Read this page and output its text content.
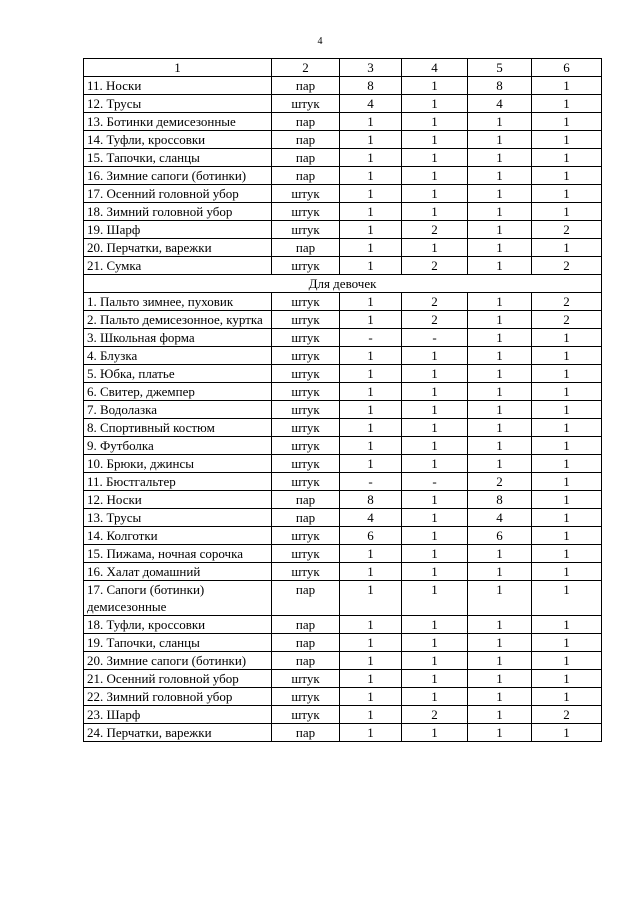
4
1	2	3	4	5	6
11. Носки	пар	8	1	8	1
12. Трусы	штук	4	1	4	1
13. Ботинки демисезонные	пар	1	1	1	1
14. Туфли, кроссовки	пар	1	1	1	1
15. Тапочки, сланцы	пар	1	1	1	1
16. Зимние сапоги (ботинки)	пар	1	1	1	1
17. Осенний головной убор	штук	1	1	1	1
18. Зимний головной убор	штук	1	1	1	1
19. Шарф	штук	1	2	1	2
20. Перчатки, варежки	пар	1	1	1	1
21. Сумка	штук	1	2	1	2
Для девочек					
1. Пальто зимнее, пуховик	штук	1	2	1	2
2. Пальто демисезонное, куртка	штук	1	2	1	2
3. Школьная форма	штук	-	-	1	1
4. Блузка	штук	1	1	1	1
5. Юбка, платье	штук	1	1	1	1
6. Свитер, джемпер	штук	1	1	1	1
7. Водолазка	штук	1	1	1	1
8. Спортивный костюм	штук	1	1	1	1
9. Футболка	штук	1	1	1	1
10. Брюки, джинсы	штук	1	1	1	1
11. Бюстгальтер	штук	-	-	2	1
12. Носки	пар	8	1	8	1
13. Трусы	пар	4	1	4	1
14. Колготки	штук	6	1	6	1
15. Пижама, ночная сорочка	штук	1	1	1	1
16. Халат домашний	штук	1	1	1	1
17. Сапоги (ботинки) демисезонные	пар	1	1	1	1
18. Туфли, кроссовки	пар	1	1	1	1
19. Тапочки, сланцы	пар	1	1	1	1
20. Зимние сапоги (ботинки)	пар	1	1	1	1
21. Осенний головной убор	штук	1	1	1	1
22. Зимний головной убор	штук	1	1	1	1
23. Шарф	штук	1	2	1	2
24. Перчатки, варежки	пар	1	1	1	1
